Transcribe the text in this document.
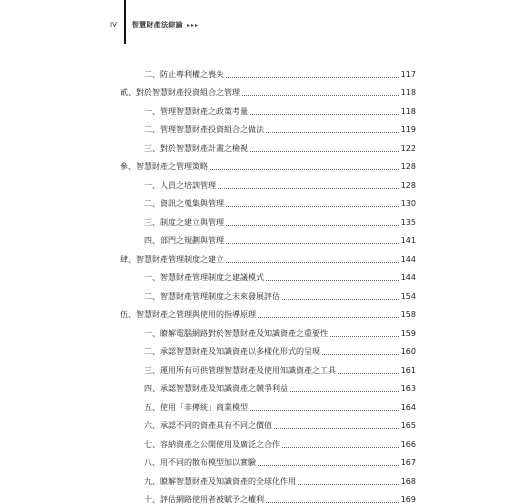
IV 智慧財產法綜論 ▸▸▸
二、防止專利權之喪失	117
貳、對於智慧財產投資組合之管理	118
一、管理智慧財產之政策考量	118
二、管理智慧財產投資組合之做法	119
三、對於智慧財產計畫之檢視	122
參、智慧財產之管理策略	128
一、人員之培訓管理	128
二、資訊之蒐集與管理	130
三、制度之建立與管理	135
四、部門之規劃與管理	141
肆、智慧財產管理制度之建立	144
一、智慧財產管理制度之建議模式	144
二、智慧財產管理制度之未來發展評估	154
伍、智慧財產之管理與使用的指導原理	158
一、瞭解電腦網路對於智慧財產及知識資產之重要性	159
二、承認智慧財產及知識資產以多樣化形式的呈現	160
三、運用所有可供管理智慧財產及使用知識資產之工具	161
四、承認智慧財產及知識資產之競爭利益	163
五、使用「非傳統」商業模型	164
六、承認不同的資產具有不同之價值	165
七、容納資產之公開使用及廣泛之合作	166
八、用不同的散布模型加以實驗	167
九、瞭解智慧財產及知識資產的全球化作用	168
十、評估網路使用者被賦予之權利	169
